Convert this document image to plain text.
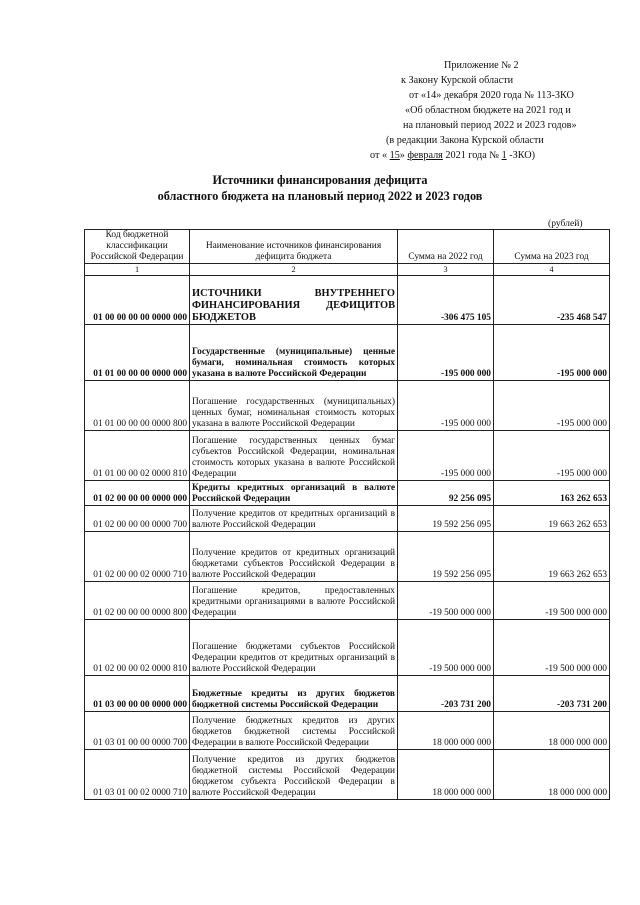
Приложение № 2
к Закону Курской области
от «14» декабря 2020 года № 113-ЗКО
«Об областном бюджете на 2021 год и
на плановый период 2022 и 2023 годов»
(в редакции Закона Курской области
от « 15» февраля 2021 года № 1 -ЗКО)
Источники финансирования дефицита
областного бюджета на плановый период 2022 и 2023 годов
(рублей)
Код бюджетной классификации Российской Федерации	Наименование источников финансирования дефицита бюджета	Сумма на 2022 год	Сумма на 2023 год
1	2	3	4
01 00 00 00 00 0000 000	ИСТОЧНИКИ ВНУТРЕННЕГО ФИНАНСИРОВАНИЯ ДЕФИЦИТОВ БЮДЖЕТОВ	-306 475 105	-235 468 547
01 01 00 00 00 0000 000	Государственные (муниципальные) ценные бумаги, номинальная стоимость которых указана в валюте Российской Федерации	-195 000 000	-195 000 000
01 01 00 00 00 0000 800	Погашение государственных (муниципальных) ценных бумаг, номинальная стоимость которых указана в валюте Российской Федерации	-195 000 000	-195 000 000
01 01 00 00 02 0000 810	Погашение государственных ценных бумаг субъектов Российской Федерации, номинальная стоимость которых указана в валюте Российской Федерации	-195 000 000	-195 000 000
01 02 00 00 00 0000 000	Кредиты кредитных организаций в валюте Российской Федерации	92 256 095	163 262 653
01 02 00 00 00 0000 700	Получение кредитов от кредитных организаций в валюте Российской Федерации	19 592 256 095	19 663 262 653
01 02 00 00 02 0000 710	Получение кредитов от кредитных организаций бюджетами субъектов Российской Федерации в валюте Российской Федерации	19 592 256 095	19 663 262 653
01 02 00 00 00 0000 800	Погашение кредитов, предоставленных кредитными организациями в валюте Российской Федерации	-19 500 000 000	-19 500 000 000
01 02 00 00 02 0000 810	Погашение бюджетами субъектов Российской Федерации кредитов от кредитных организаций в валюте Российской Федерации	-19 500 000 000	-19 500 000 000
01 03 00 00 00 0000 000	Бюджетные кредиты из других бюджетов бюджетной системы Российской Федерации	-203 731 200	-203 731 200
01 03 01 00 00 0000 700	Получение бюджетных кредитов из других бюджетов бюджетной системы Российской Федерации в валюте Российской Федерации	18 000 000 000	18 000 000 000
01 03 01 00 02 0000 710	Получение кредитов из других бюджетов бюджетной системы Российской Федерации бюджетом субъекта Российской Федерации в валюте Российской Федерации	18 000 000 000	18 000 000 000
